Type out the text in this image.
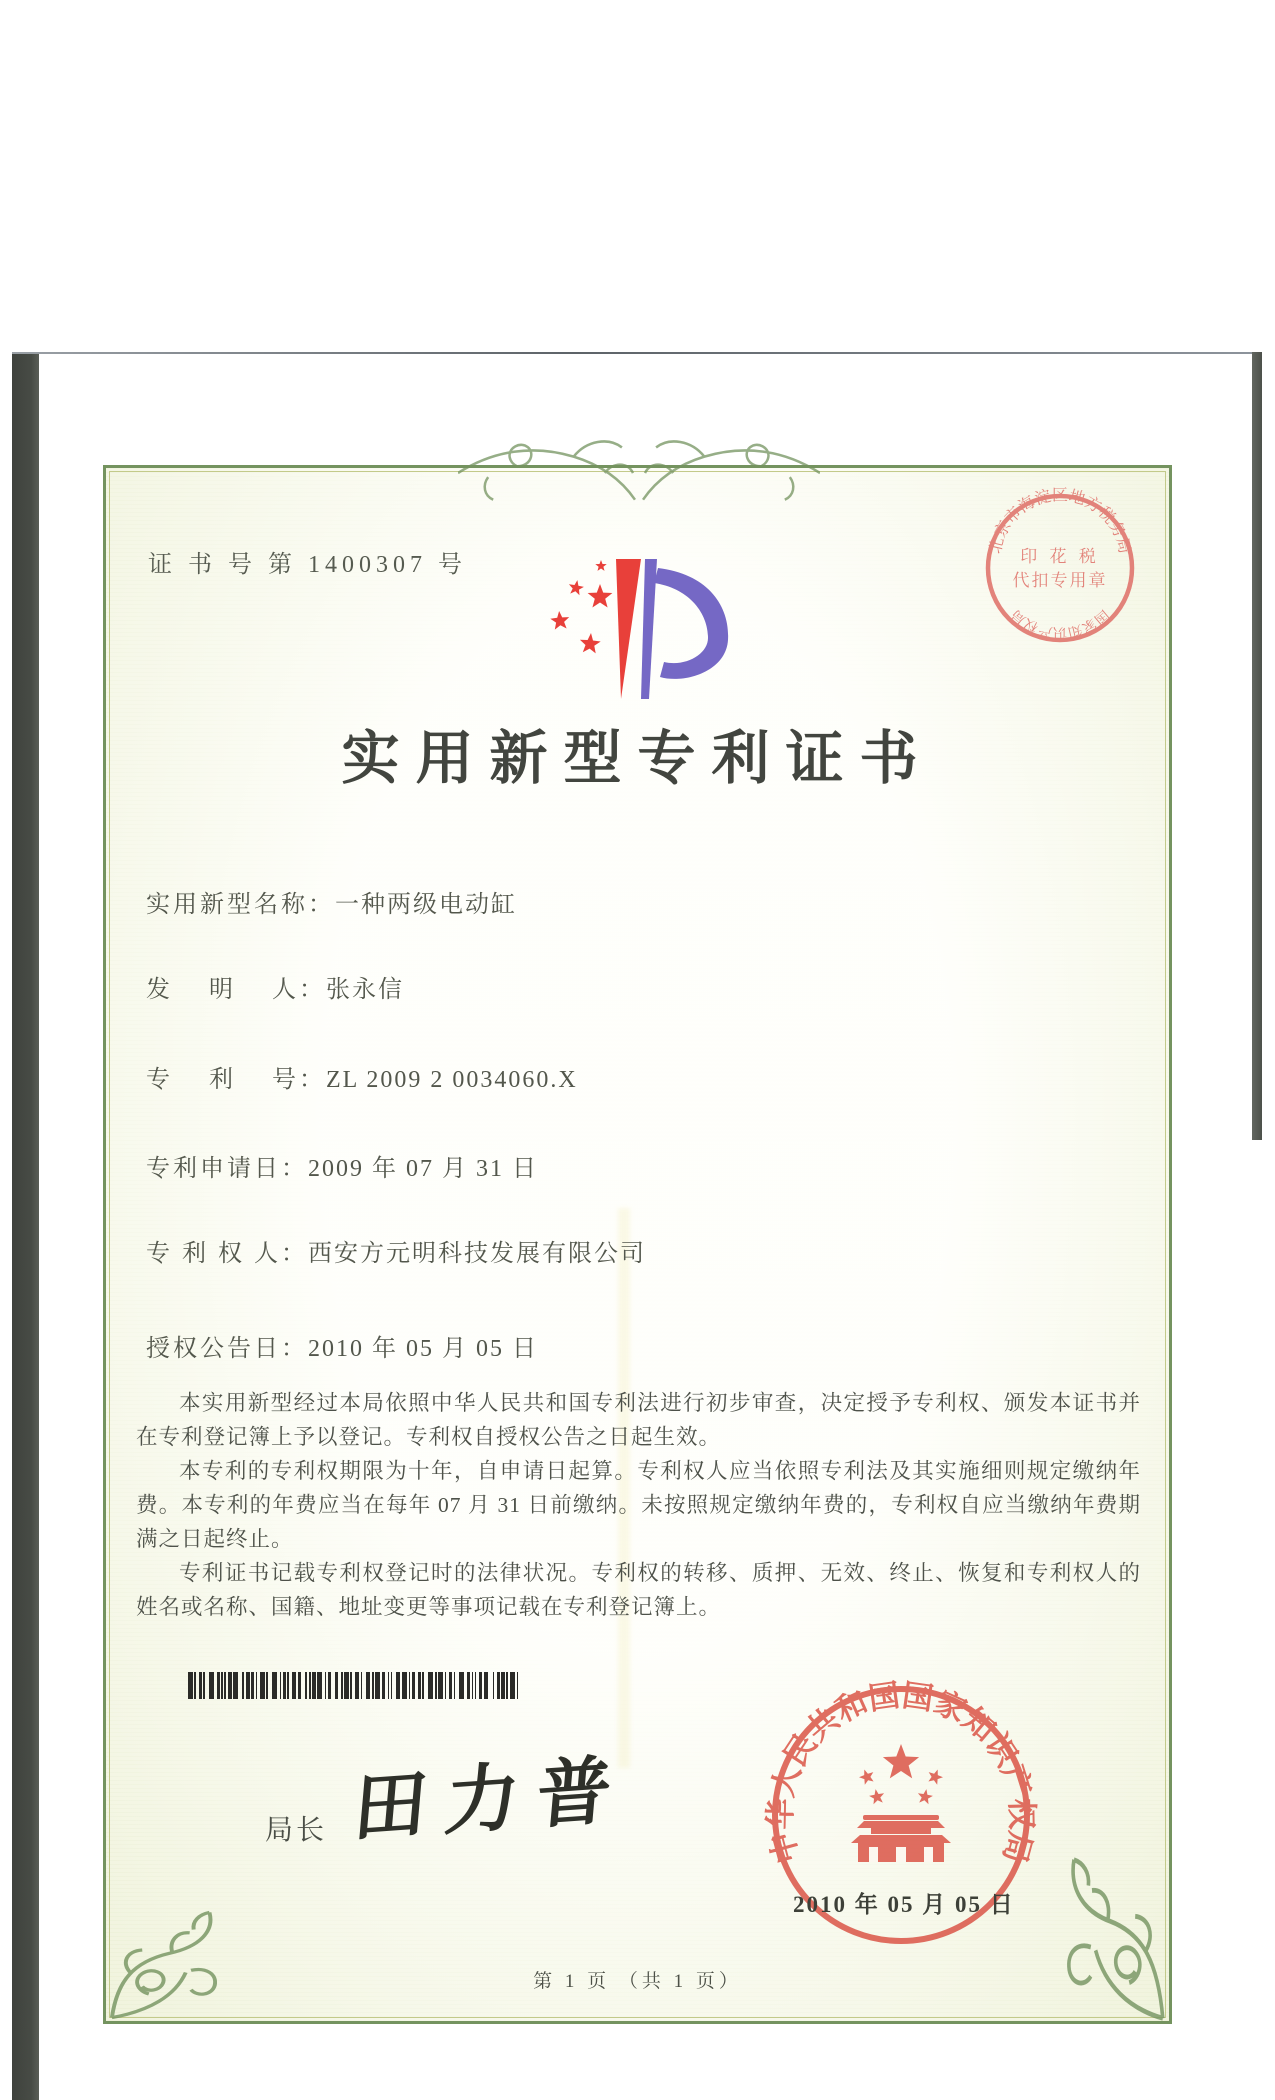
证 书 号 第 1400307 号
实用新型专利证书
实用新型名称：一种两级电动缸
发　 明　 人：张永信
专　 利　 号：ZL 2009 2 0034060.X
专利申请日：2009 年 07 月 31 日
专 利 权 人：西安方元明科技发展有限公司
授权公告日：2010 年 05 月 05 日

本实用新型经过本局依照中华人民共和国专利法进行初步审查，决定授予专利权、颁发本证书并在专利登记簿上予以登记。专利权自授权公告之日起生效。

本专利的专利权期限为十年，自申请日起算。专利权人应当依照专利法及其实施细则规定缴纳年费。本专利的年费应当在每年 07 月 31 日前缴纳。未按照规定缴纳年费的，专利权自应当缴纳年费期满之日起终止。

专利证书记载专利权登记时的法律状况。专利权的转移、质押、无效、终止、恢复和专利权人的姓名或名称、国籍、地址变更等事项记载在专利登记簿上。

局长 田力普
北京市海淀区地方税务局
国家知识产权局
印 花 税
代扣专用章
中华人民共和国国家知识产权局
2010 年 05 月 05 日
第 1 页 （共 1 页）
